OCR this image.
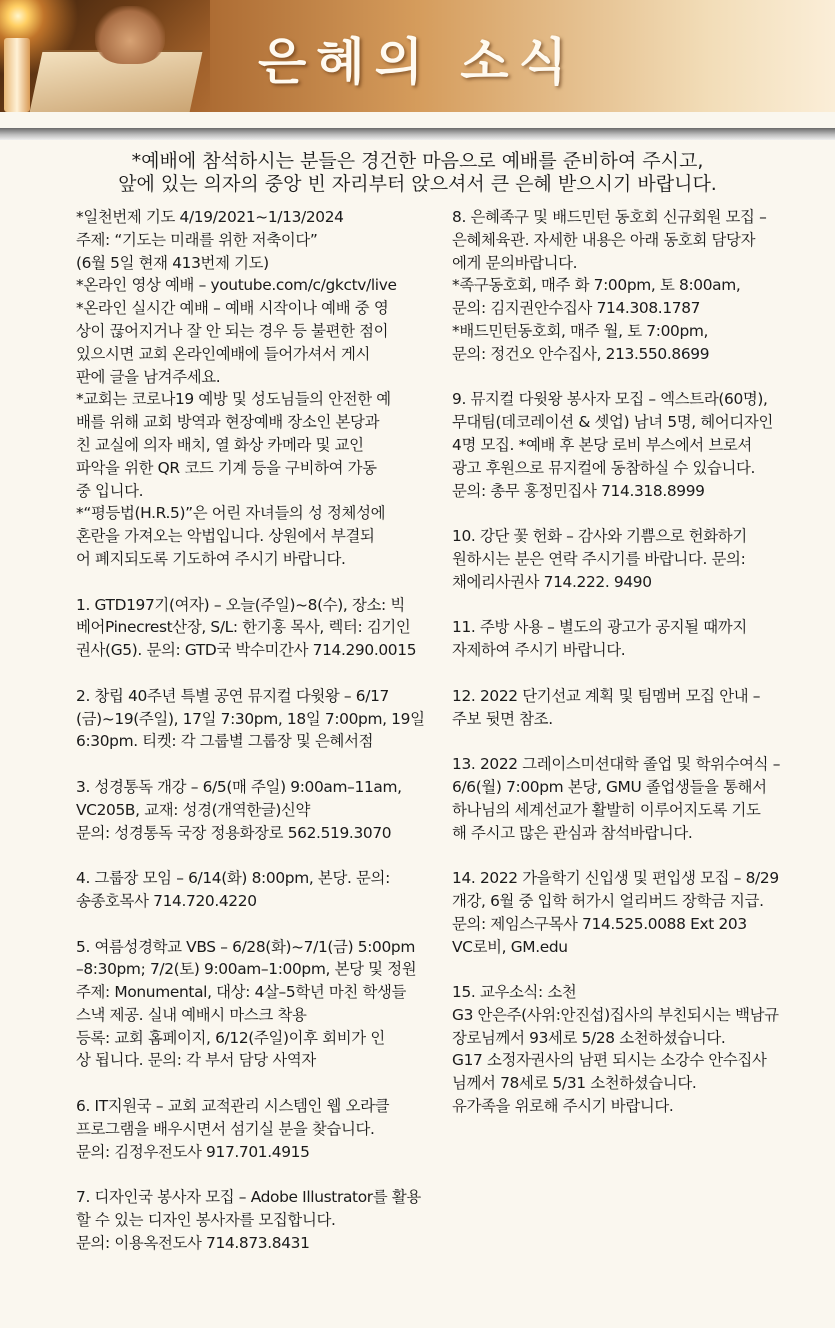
은혜의 소식
*예배에 참석하시는 분들은 경건한 마음으로 예배를 준비하여 주시고,
앞에 있는 의자의 중앙 빈 자리부터 앉으셔서 큰 은혜 받으시기 바랍니다.
*일천번제 기도 4/19/2021~1/13/2024
주제: “기도는 미래를 위한 저축이다”
(6월 5일 현재 413번제 기도)
*온라인 영상 예배 – youtube.com/c/gkctv/live
*온라인 실시간 예배 – 예배 시작이나 예배 중 영
상이 끊어지거나 잘 안 되는 경우 등 불편한 점이
있으시면 교회 온라인예배에 들어가셔서 게시
판에 글을 남겨주세요.
*교회는 코로나19 예방 및 성도님들의 안전한 예
배를 위해 교회 방역과 현장예배 장소인 본당과
친 교실에 의자 배치, 열 화상 카메라 및 교인
파악을 위한 QR 코드 기계 등을 구비하여 가동
중 입니다.
*“평등법(H.R.5)”은 어린 자녀들의 성 정체성에
혼란을 가져오는 악법입니다. 상원에서 부결되
어 폐지되도록 기도하여 주시기 바랍니다.
1. GTD197기(여자) – 오늘(주일)~8(수), 장소: 빅
베어Pinecrest산장, S/L: 한기홍 목사, 렉터: 김기인
권사(G5). 문의: GTD국 박수미간사 714.290.0015
2. 창립 40주년 특별 공연 뮤지컬 다윗왕 – 6/17
(금)~19(주일), 17일 7:30pm, 18일 7:00pm, 19일
6:30pm. 티켓: 각 그룹별 그룹장 및 은혜서점
3. 성경통독 개강 – 6/5(매 주일) 9:00am–11am,
VC205B, 교재: 성경(개역한글)신약
문의: 성경통독 국장 정용화장로 562.519.3070
4. 그룹장 모임 – 6/14(화) 8:00pm, 본당. 문의:
송종호목사 714.720.4220
5. 여름성경학교 VBS – 6/28(화)~7/1(금) 5:00pm
–8:30pm; 7/2(토) 9:00am–1:00pm, 본당 및 정원
주제: Monumental, 대상: 4살–5학년 마친 학생들
스낵 제공. 실내 예배시 마스크 착용
등록: 교회 홈페이지, 6/12(주일)이후 회비가 인
상 됩니다. 문의: 각 부서 담당 사역자
6. IT지원국 – 교회 교적관리 시스템인 웹 오라클
프로그램을 배우시면서 섬기실 분을 찾습니다.
문의: 김정우전도사 917.701.4915
7. 디자인국 봉사자 모집 – Adobe Illustrator를 활용
할 수 있는 디자인 봉사자를 모집합니다.
문의: 이용옥전도사 714.873.8431
8. 은혜족구 및 배드민턴 동호회 신규회원 모집 –
은혜체육관. 자세한 내용은 아래 동호회 담당자
에게 문의바랍니다.
*족구동호회, 매주 화 7:00pm, 토 8:00am,
문의: 김지권안수집사 714.308.1787
*배드민턴동호회, 매주 월, 토 7:00pm,
문의: 정건오 안수집사, 213.550.8699
9. 뮤지컬 다윗왕 봉사자 모집 – 엑스트라(60명),
무대팀(데코레이션 & 셋업) 남녀 5명, 헤어디자인
4명 모집. *예배 후 본당 로비 부스에서 브로셔
광고 후원으로 뮤지컬에 동참하실 수 있습니다.
문의: 총무 홍정민집사 714.318.8999
10. 강단 꽃 헌화 – 감사와 기쁨으로 헌화하기
원하시는 분은 연락 주시기를 바랍니다. 문의:
채에리사권사 714.222. 9490
11. 주방 사용 – 별도의 광고가 공지될 때까지
자제하여 주시기 바랍니다.
12. 2022 단기선교 계획 및 팀멤버 모집 안내 –
주보 뒷면 참조.
13. 2022 그레이스미션대학 졸업 및 학위수여식 –
6/6(월) 7:00pm 본당, GMU 졸업생들을 통해서
하나님의 세계선교가 활발히 이루어지도록 기도
해 주시고 많은 관심과 참석바랍니다.
14. 2022 가을학기 신입생 및 편입생 모집 – 8/29
개강, 6월 중 입학 허가시 얼리버드 장학금 지급.
문의: 제임스구목사 714.525.0088 Ext 203
VC로비, GM.edu
15. 교우소식: 소천
G3 안은주(사위:안진섭)집사의 부친되시는 백남규
장로님께서 93세로 5/28 소천하셨습니다.
G17 소정자권사의 남편 되시는 소강수 안수집사
님께서 78세로 5/31 소천하셨습니다.
유가족을 위로해 주시기 바랍니다.
